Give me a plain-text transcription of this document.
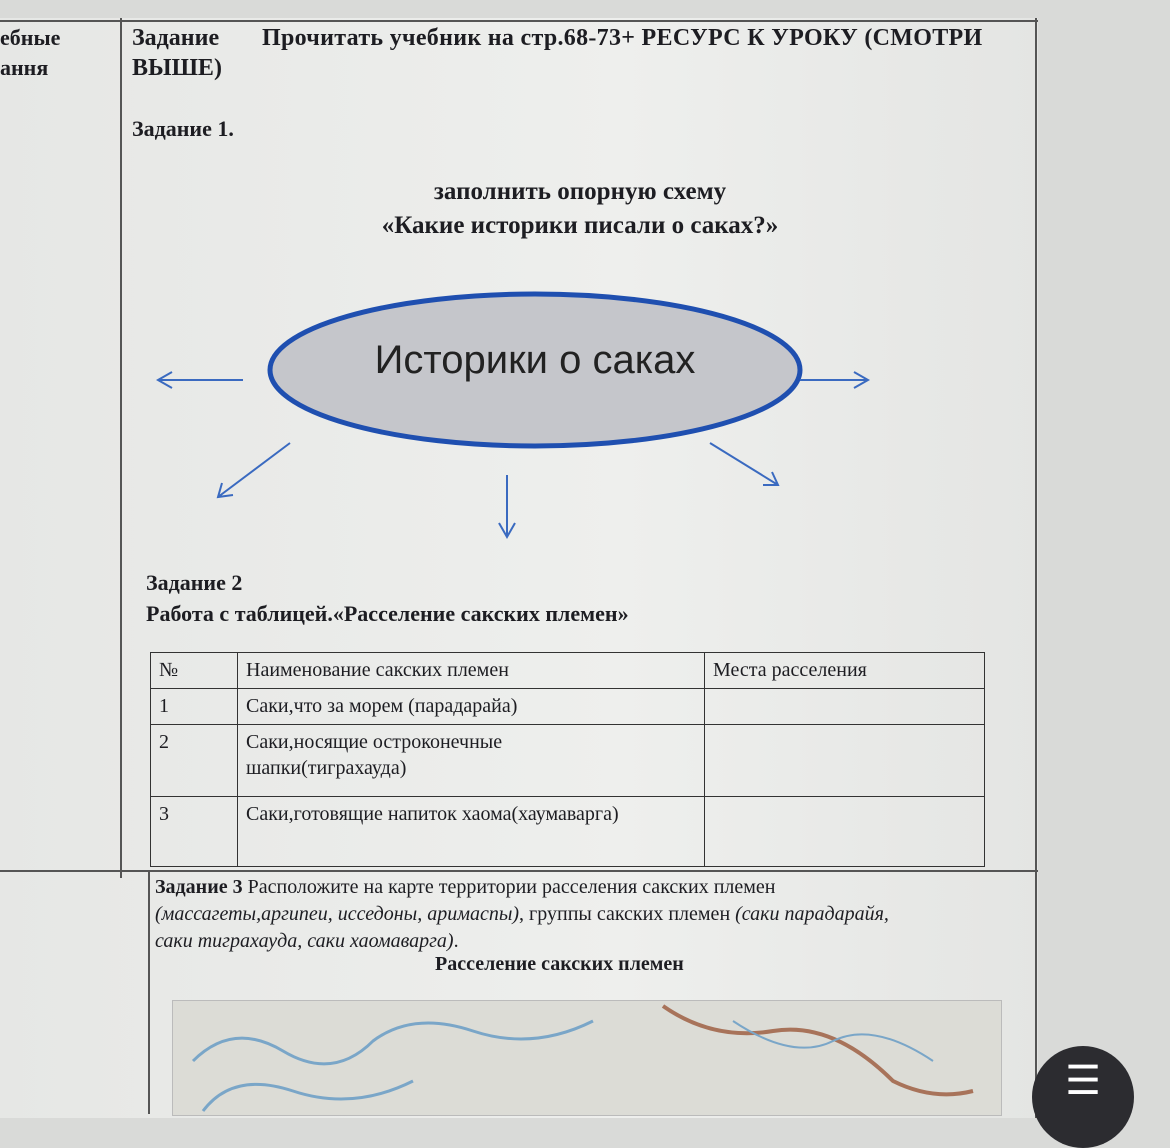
ебные
ання
Задание Прочитать учебник на стр.68-73+ РЕСУРС К УРОКУ (СМОТРИ
ВЫШЕ)
Задание 1.
заполнить опорную схему
«Какие историки писали о саках?»
Историки о саках
Задание 2
Работа с таблицей.«Расселение сакских племен»
№	Наименование сакских племен	Места расселения
1	Саки,что за морем (парадарайа)	
2	Саки,носящие остроконечные шапки(тиграхауда)	
3	Саки,готовящие напиток хаома(хаумаварга)	
Задание 3 Расположите на карте территории расселения сакских племен (массагеты,аргипеи, исседоны, аримаспы), группы сакских племен (саки парадарайя, саки тиграхауда, саки хаомаварга).
Расселение сакских племен
☰
